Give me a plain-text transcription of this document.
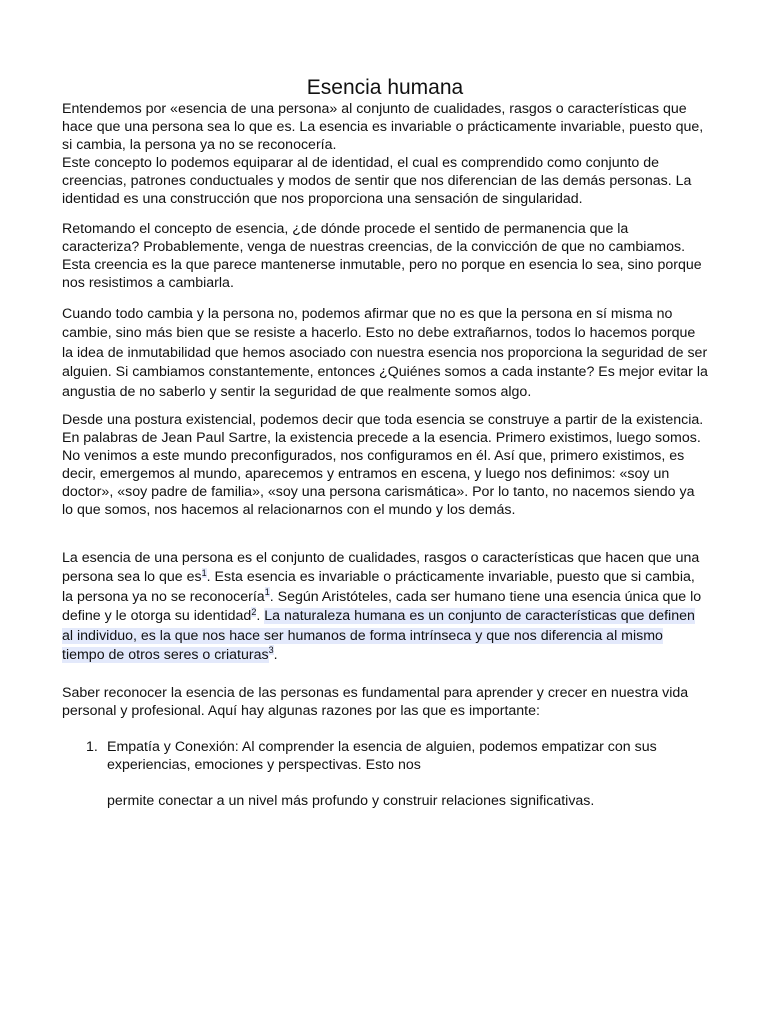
Esencia humana

Entendemos por «esencia de una persona» al conjunto de cualidades, rasgos o características que hace que una persona sea lo que es. La esencia es invariable o prácticamente invariable, puesto que, si cambia, la persona ya no se reconocería.

Este concepto lo podemos equiparar al de identidad, el cual es comprendido como conjunto de creencias, patrones conductuales y modos de sentir que nos diferencian de las demás personas. La identidad es una construcción que nos proporciona una sensación de singularidad.

Retomando el concepto de esencia, ¿de dónde procede el sentido de permanencia que la caracteriza? Probablemente, venga de nuestras creencias, de la convicción de que no cambiamos. Esta creencia es la que parece mantenerse inmutable, pero no porque en esencia lo sea, sino porque nos resistimos a cambiarla.

Cuando todo cambia y la persona no, podemos afirmar que no es que la persona en sí misma no cambie, sino más bien que se resiste a hacerlo. Esto no debe extrañarnos, todos lo hacemos porque la idea de inmutabilidad que hemos asociado con nuestra esencia nos proporciona la seguridad de ser alguien. Si cambiamos constantemente, entonces ¿Quiénes somos a cada instante? Es mejor evitar la angustia de no saberlo y sentir la seguridad de que realmente somos algo.

Desde una postura existencial, podemos decir que toda esencia se construye a partir de la existencia. En palabras de Jean Paul Sartre, la existencia precede a la esencia. Primero existimos, luego somos. No venimos a este mundo preconfigurados, nos configuramos en él. Así que, primero existimos, es decir, emergemos al mundo, aparecemos y entramos en escena, y luego nos definimos: «soy un doctor», «soy padre de familia», «soy una persona carismática». Por lo tanto, no nacemos siendo ya lo que somos, nos hacemos al relacionarnos con el mundo y los demás.

La esencia de una persona es el conjunto de cualidades, rasgos o características que hacen que una persona sea lo que es$^1$. Esta esencia es invariable o prácticamente invariable, puesto que si cambia, la persona ya no se reconocería$^1$. Según Aristóteles, cada ser humano tiene una esencia única que lo define y le otorga su identidad$^2$. La naturaleza humana es un conjunto de características que definen al individuo, es la que nos hace ser humanos de forma intrínseca y que nos diferencia al mismo tiempo de otros seres o criaturas$^3$.

Saber reconocer la esencia de las personas es fundamental para aprender y crecer en nuestra vida personal y profesional. Aquí hay algunas razones por las que es importante:

1. Empatía y Conexión: Al comprender la esencia de alguien, podemos empatizar con sus experiencias, emociones y perspectivas. Esto nos
permite conectar a un nivel más profundo y construir relaciones significativas.
